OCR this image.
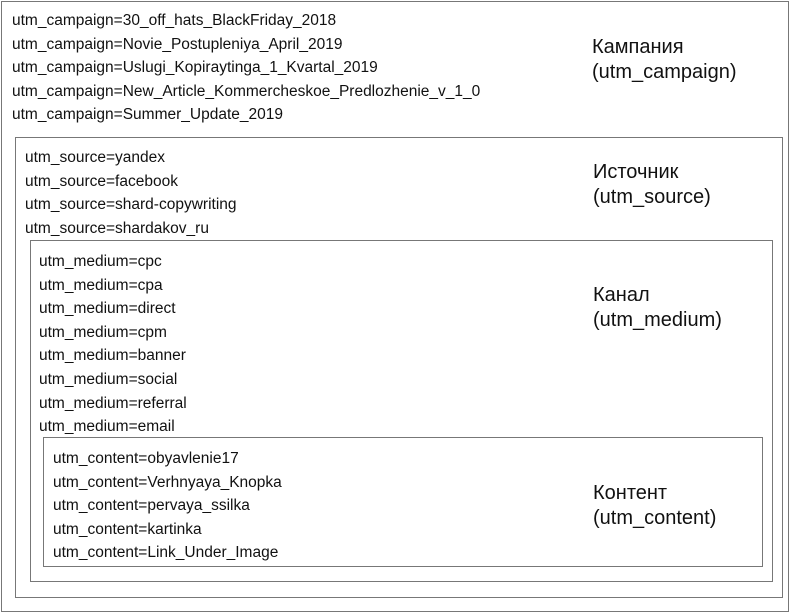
utm_campaign=30_off_hats_BlackFriday_2018
utm_campaign=Novie_Postupleniya_April_2019
utm_campaign=Uslugi_Kopiraytinga_1_Kvartal_2019
utm_campaign=New_Article_Kommercheskoe_Predlozhenie_v_1_0
utm_campaign=Summer_Update_2019
Кампания
(utm_campaign)
utm_source=yandex
utm_source=facebook
utm_source=shard-copywriting
utm_source=shardakov_ru
Источник
(utm_source)
utm_medium=cpc
utm_medium=cpa
utm_medium=direct
utm_medium=cpm
utm_medium=banner
utm_medium=social
utm_medium=referral
utm_medium=email
Канал
(utm_medium)
utm_content=obyavlenie17
utm_content=Verhnyaya_Knopka
utm_content=pervaya_ssilka
utm_content=kartinka
utm_content=Link_Under_Image
Контент
(utm_content)
